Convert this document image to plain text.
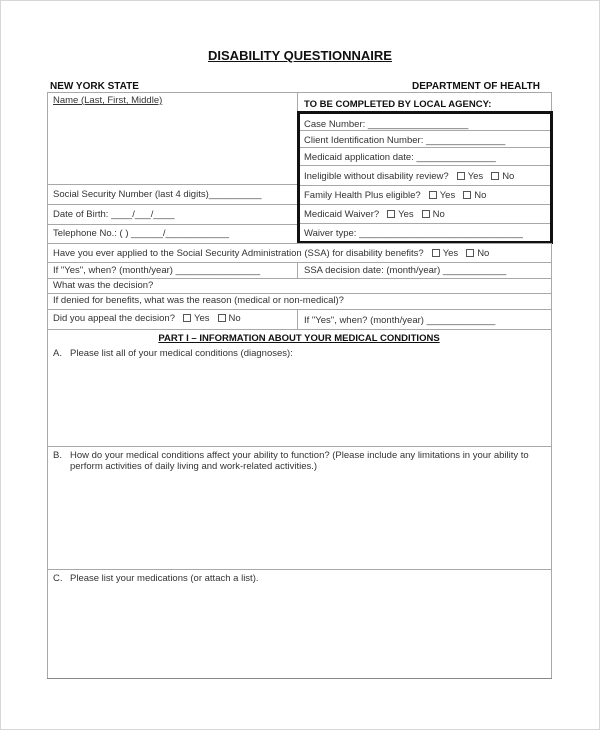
DISABILITY QUESTIONNAIRE
NEW YORK STATE	DEPARTMENT OF HEALTH
Name (Last, First, Middle)
Social Security Number (last 4 digits)__________
Date of Birth: ____/___/____
Telephone No.: ( ) ______/____________
TO BE COMPLETED BY LOCAL AGENCY:
Case Number: ___________________
Client Identification Number: _______________
Medicaid application date: _______________
Ineligible without disability review? Yes No
Family Health Plus eligible? Yes No
Medicaid Waiver? Yes No
Waiver type: _______________________________
Have you ever applied to the Social Security Administration (SSA) for disability benefits? Yes No
If "Yes", when? (month/year) ________________	SSA decision date: (month/year) ____________
What was the decision?
If denied for benefits, what was the reason (medical or non-medical)?
Did you appeal the decision? Yes No	If "Yes", when? (month/year) _____________
PART I – INFORMATION ABOUT YOUR MEDICAL CONDITIONS
A. Please list all of your medical conditions (diagnoses):
B. How do your medical conditions affect your ability to function? (Please include any limitations in your ability to
perform activities of daily living and work-related activities.)
C. Please list your medications (or attach a list).
